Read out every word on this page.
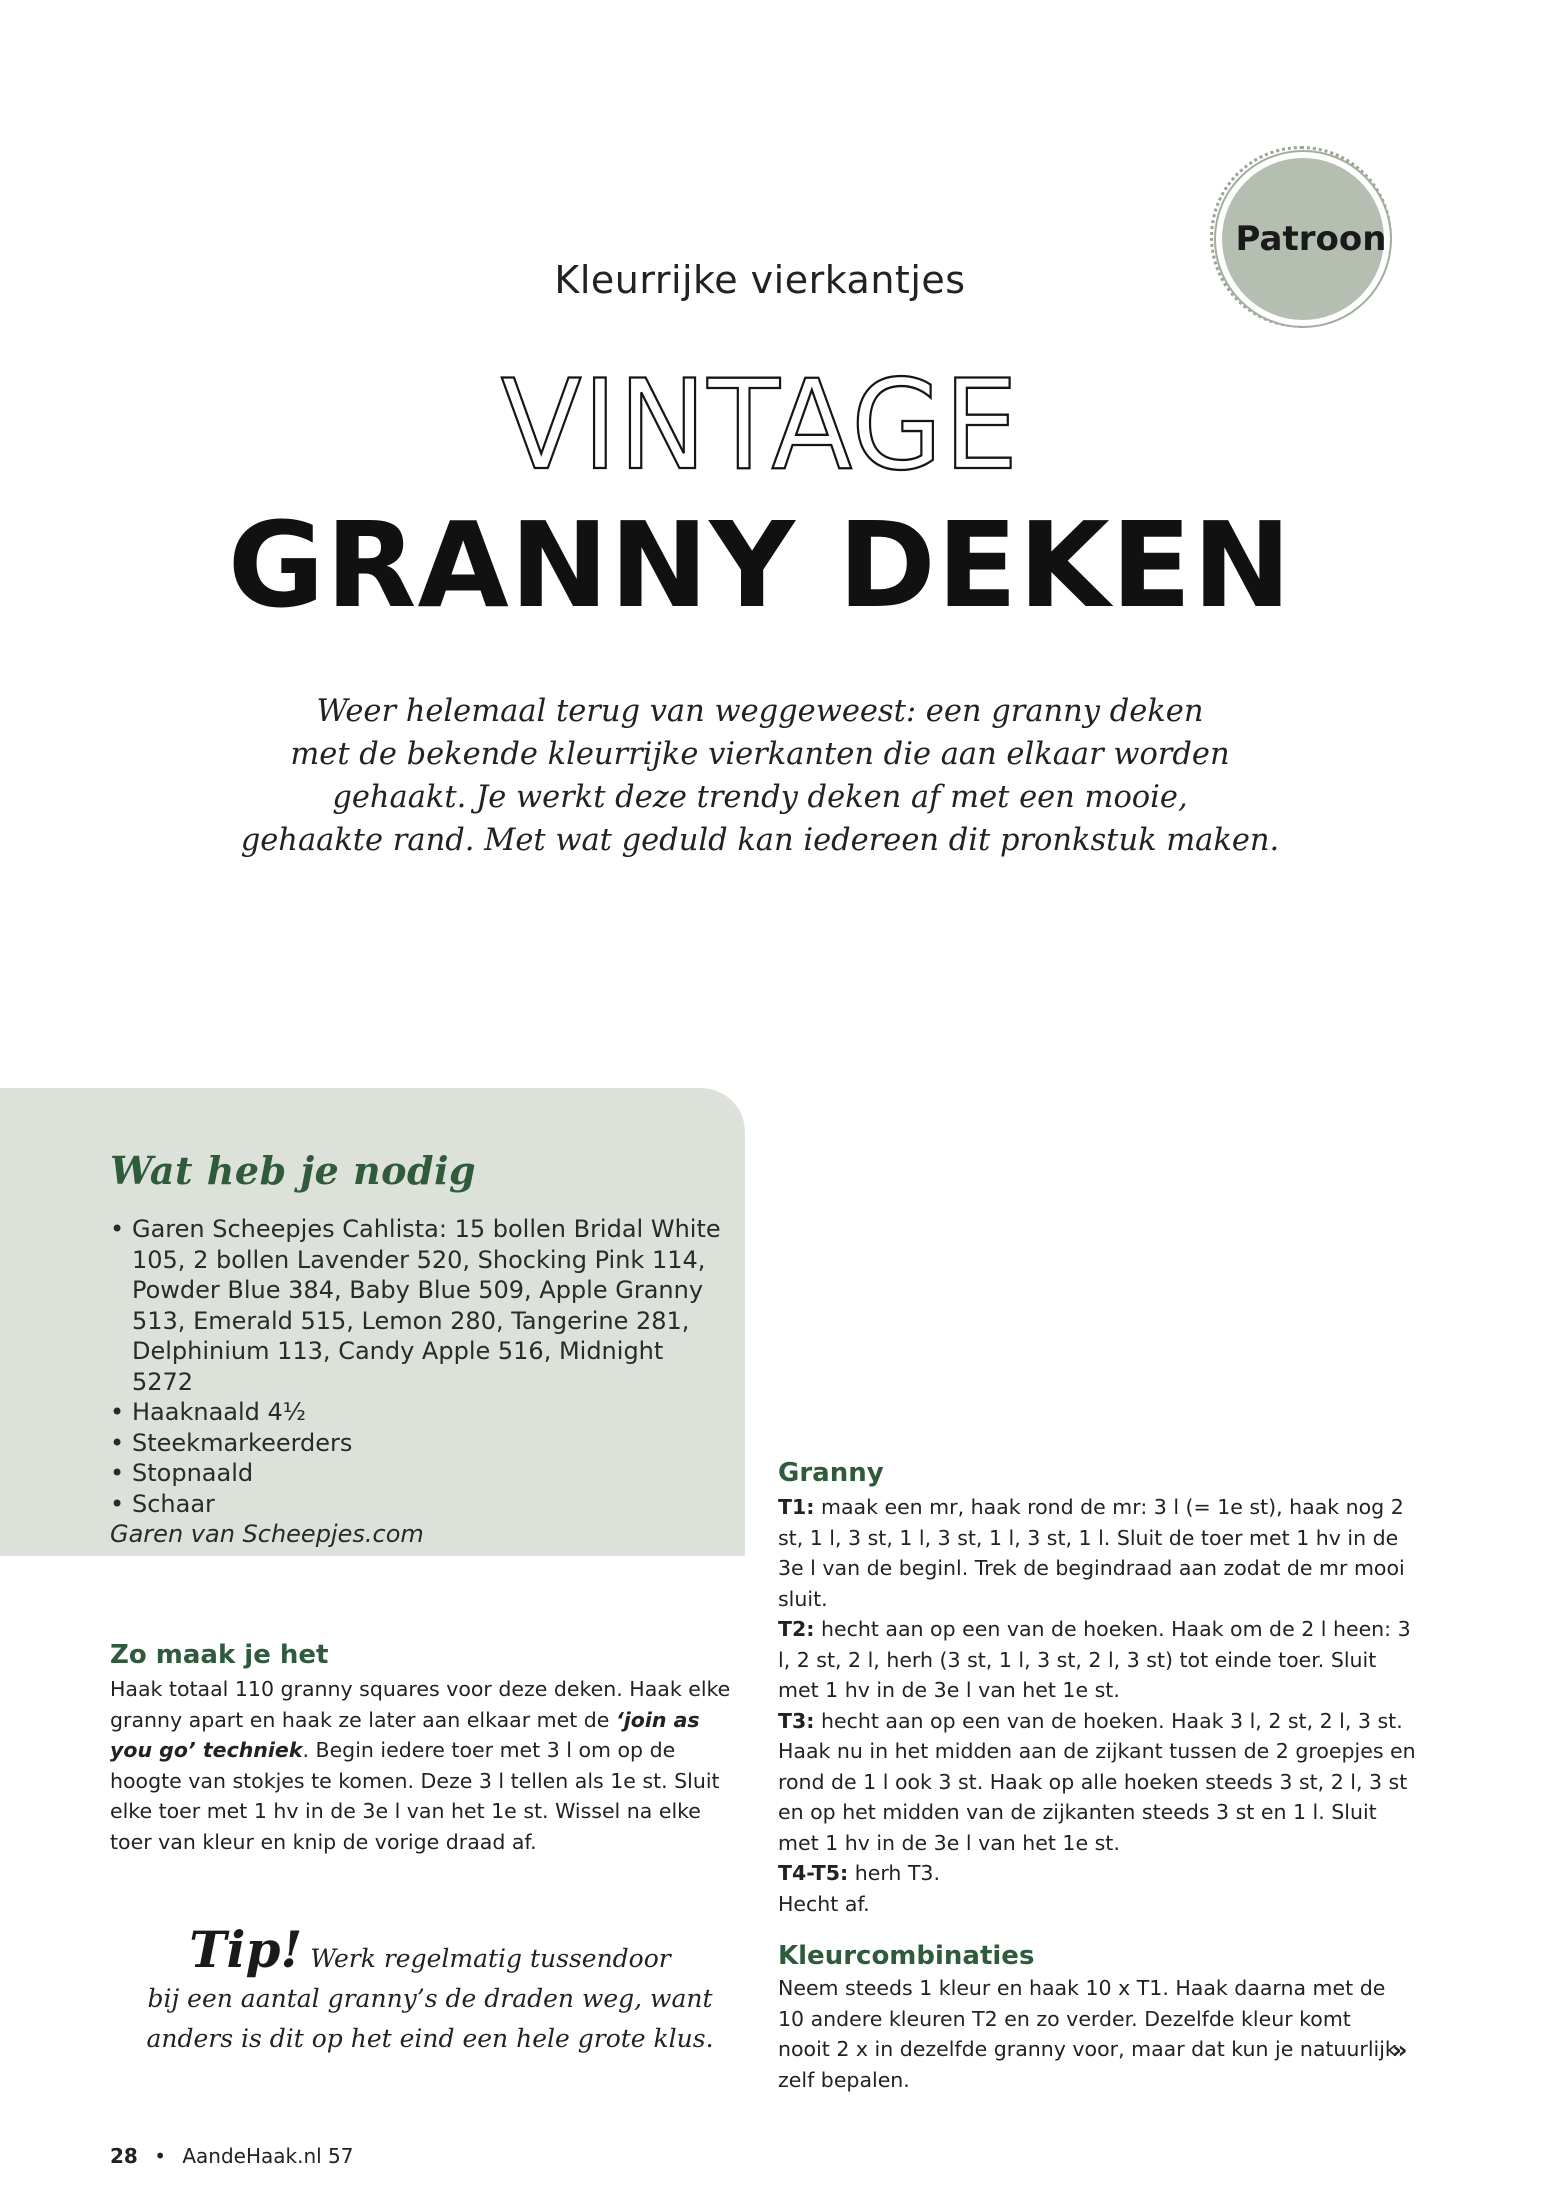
Kleurrijke vierkantjes
VINTAGE
GRANNY DEKEN
Patroon
Weer helemaal terug van weggeweest: een granny deken
met de bekende kleurrijke vierkanten die aan elkaar worden
gehaakt. Je werkt deze trendy deken af met een mooie,
gehaakte rand. Met wat geduld kan iedereen dit pronkstuk maken.
Wat heb je nodig
• Garen Scheepjes Cahlista: 15 bollen Bridal White 105, 2 bollen Lavender 520, Shocking Pink 114, Powder Blue 384, Baby Blue 509, Apple Granny 513, Emerald 515, Lemon 280, Tangerine 281, Delphinium 113, Candy Apple 516, Midnight 5272
• Haaknaald 4½
• Steekmarkeerders
• Stopnaald
• Schaar
Garen van Scheepjes.com
Zo maak je het
Haak totaal 110 granny squares voor deze deken. Haak elke granny apart en haak ze later aan elkaar met de ‘join as you go’ techniek. Begin iedere toer met 3 l om op de hoogte van stokjes te komen. Deze 3 l tellen als 1e st. Sluit elke toer met 1 hv in de 3e l van het 1e st. Wissel na elke toer van kleur en knip de vorige draad af.
Tip! Werk regelmatig tussendoor
bij een aantal granny’s de draden weg, want
anders is dit op het eind een hele grote klus.
Granny
T1: maak een mr, haak rond de mr: 3 l (= 1e st), haak nog 2 st, 1 l, 3 st, 1 l, 3 st, 1 l, 3 st, 1 l. Sluit de toer met 1 hv in de 3e l van de beginl. Trek de begindraad aan zodat de mr mooi sluit.
T2: hecht aan op een van de hoeken. Haak om de 2 l heen: 3 l, 2 st, 2 l, herh (3 st, 1 l, 3 st, 2 l, 3 st) tot einde toer. Sluit met 1 hv in de 3e l van het 1e st.
T3: hecht aan op een van de hoeken. Haak 3 l, 2 st, 2 l, 3 st. Haak nu in het midden aan de zijkant tussen de 2 groepjes en rond de 1 l ook 3 st. Haak op alle hoeken steeds 3 st, 2 l, 3 st en op het midden van de zijkanten steeds 3 st en 1 l. Sluit met 1 hv in de 3e l van het 1e st.
T4-T5: herh T3.
Hecht af.
Kleurcombinaties
Neem steeds 1 kleur en haak 10 x T1. Haak daarna met de 10 andere kleuren T2 en zo verder. Dezelfde kleur komt nooit 2 x in dezelfde granny voor, maar dat kun je natuurlijk zelf bepalen.
»
28 • AandeHaak.nl 57
